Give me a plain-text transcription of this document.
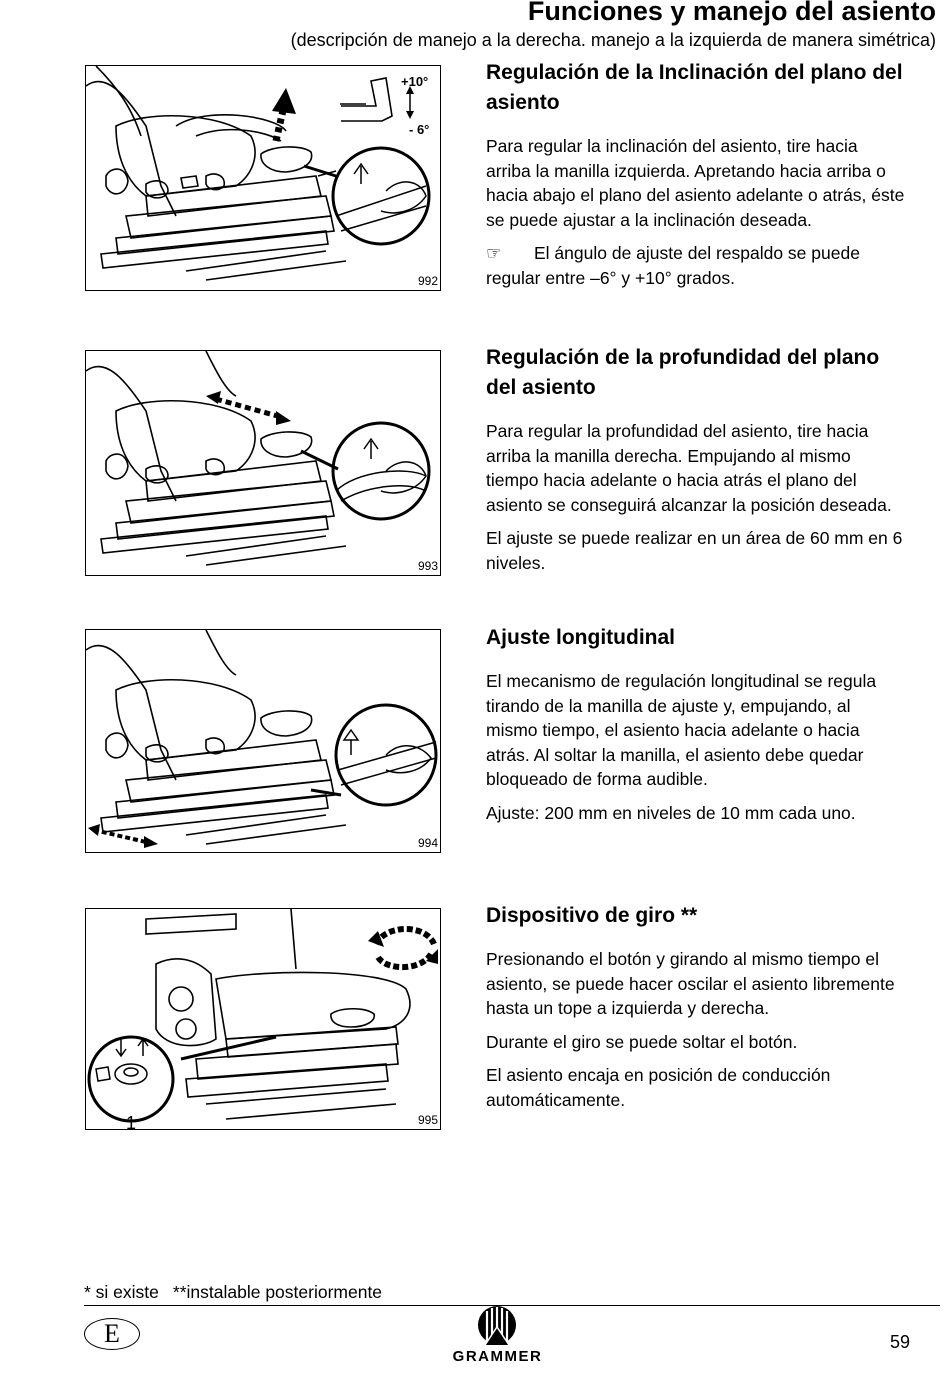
Funciones y manejo del asiento
(descripción de manejo a la derecha. manejo a la izquierda de manera simétrica)
+10°
- 6°
992
993
994
1	995
Regulación de la Inclinación del plano del asiento

Para regular la inclinación del asiento, tire hacia arriba la manilla izquierda. Apretando hacia arriba o hacia abajo el plano del asiento adelante o atrás, éste se puede ajustar a la inclinación deseada.

☞ El ángulo de ajuste del respaldo se puede regular entre –6° y +10° grados.

Regulación de la profundidad del plano del asiento

Para regular la profundidad del asiento, tire hacia arriba la manilla derecha. Empujando al mismo tiempo hacia adelante o hacia atrás el plano del asiento se conseguirá alcanzar la posición deseada.

El ajuste se puede realizar en un área de 60 mm en 6 niveles.

Ajuste longitudinal

El mecanismo de regulación longitudinal se regula tirando de la manilla de ajuste y, empujando, al mismo tiempo, el asiento hacia adelante o hacia atrás. Al soltar la manilla, el asiento debe quedar bloqueado de forma audible.

Ajuste: 200 mm en niveles de 10 mm cada uno.

Dispositivo de giro **

Presionando el botón y girando al mismo tiempo el asiento, se puede hacer oscilar el asiento libremente hasta un tope a izquierda y derecha.

Durante el giro se puede soltar el botón.

El asiento encaja en posición de conducción automáticamente.

* si existe **instalable posteriormente
E
GRAMMER
59
